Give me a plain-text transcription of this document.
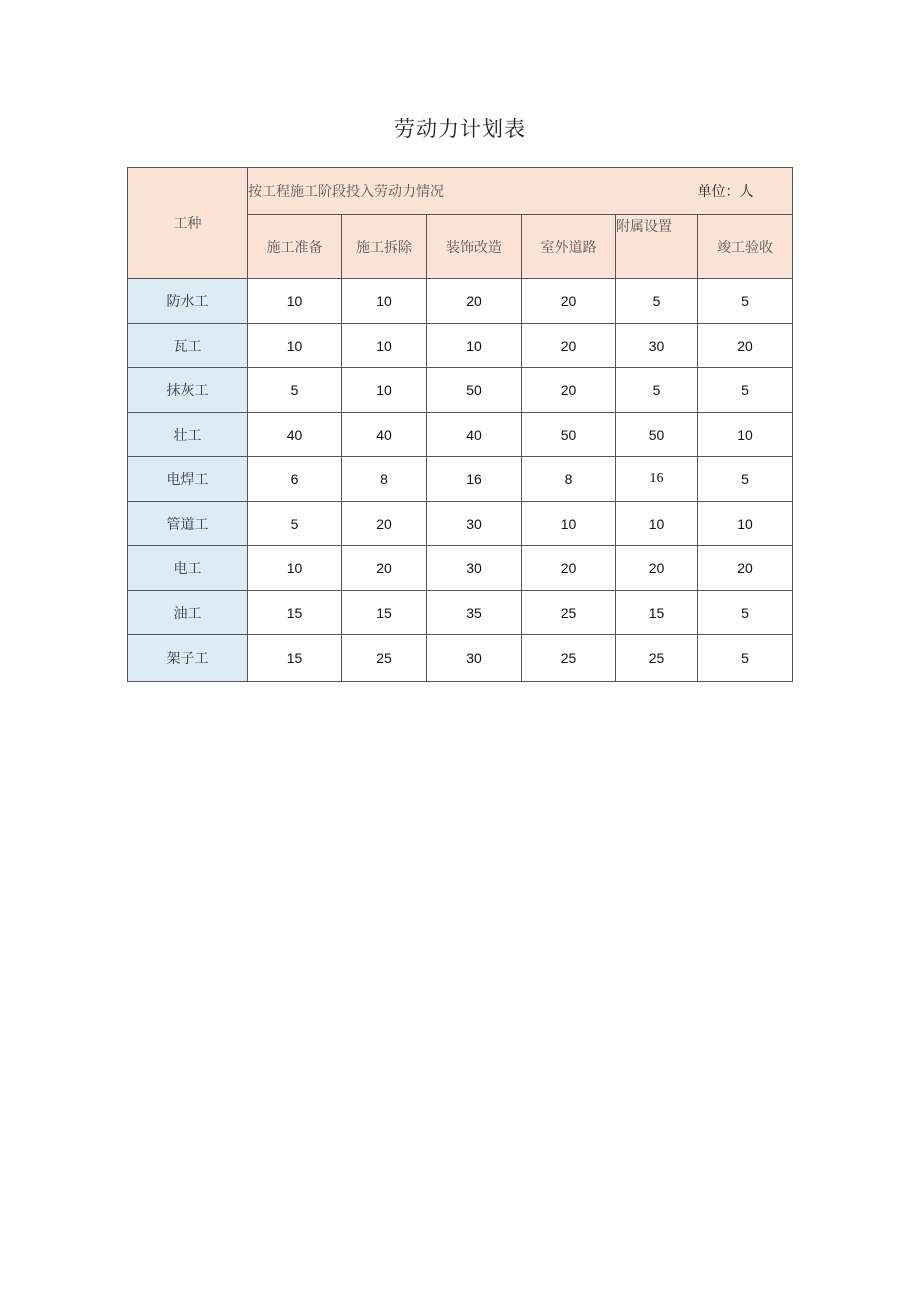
劳动力计划表
工种	按工程施工阶段投入劳动力情况					单位：人
	施工准备	施工拆除	装饰改造	室外道路	附属设置	竣工验收
防水工	10	10	20	20	5	5
瓦工	10	10	10	20	30	20
抹灰工	5	10	50	20	5	5
壮工	40	40	40	50	50	10
电焊工	6	8	16	8	16	5
管道工	5	20	30	10	10	10
电工	10	20	30	20	20	20
油工	15	15	35	25	15	5
架子工	15	25	30	25	25	5
